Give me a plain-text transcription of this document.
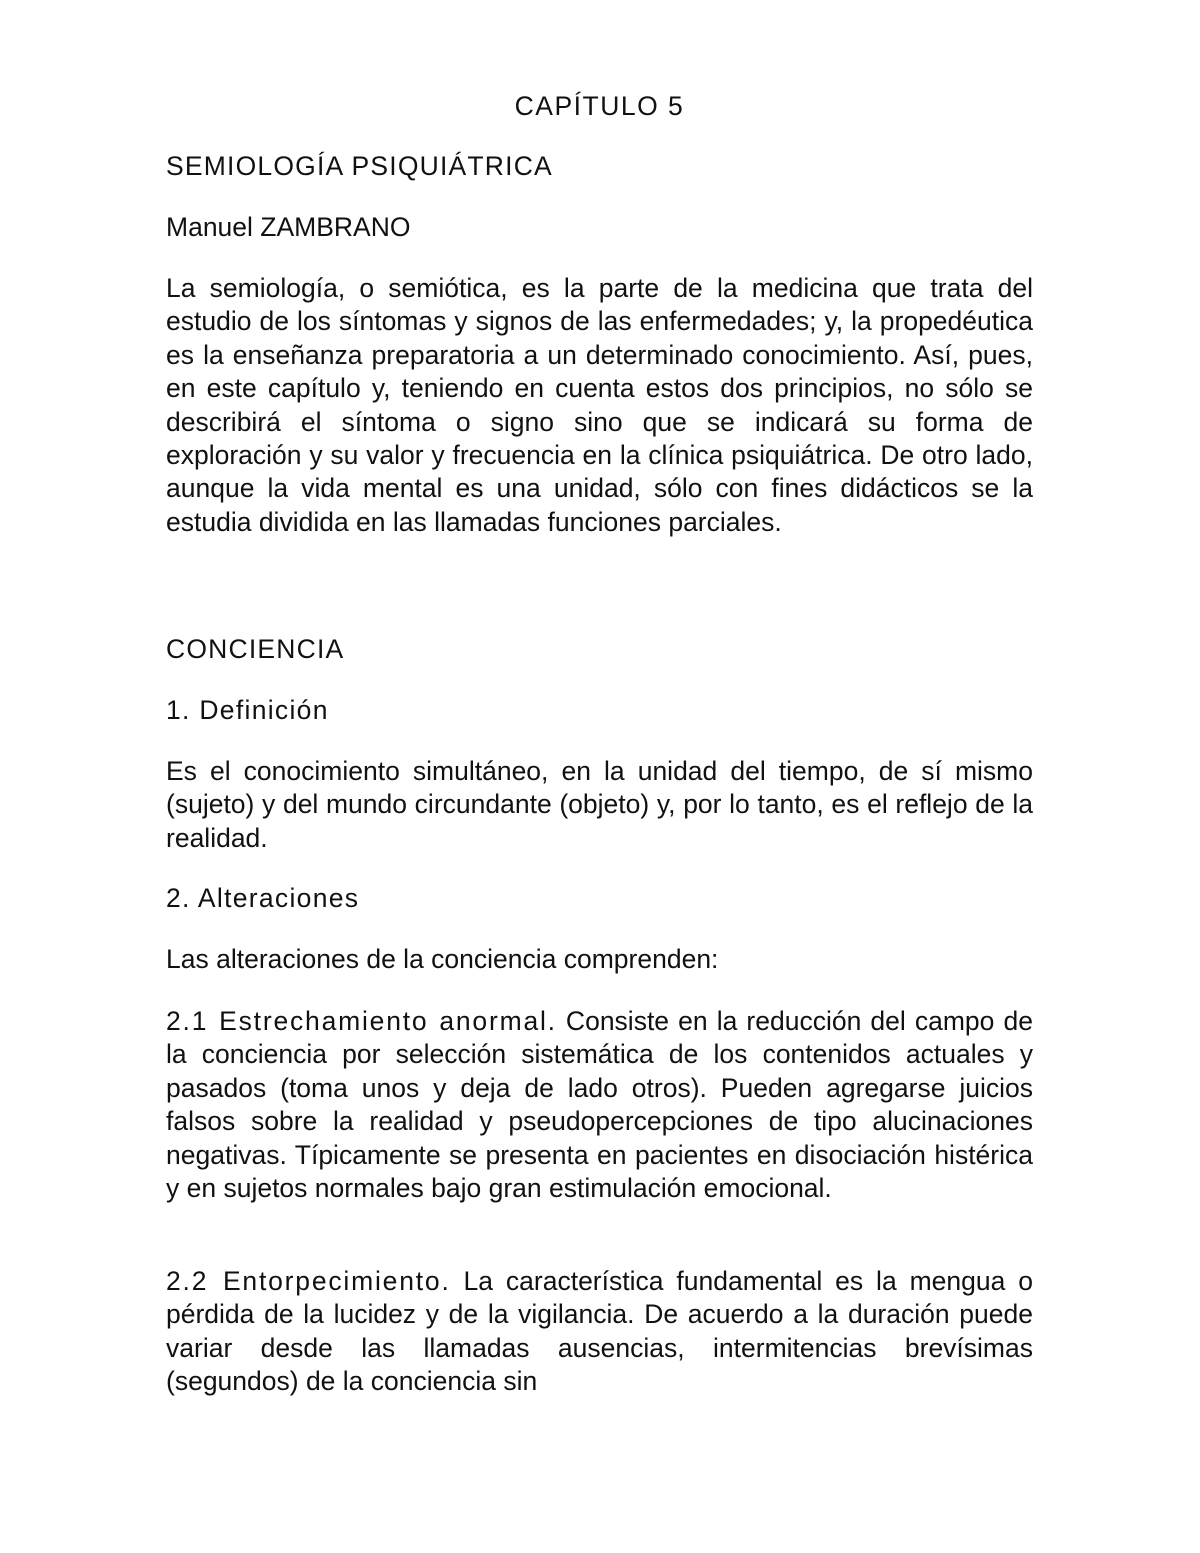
CAPÍTULO 5

SEMIOLOGÍA PSIQUIÁTRICA

Manuel ZAMBRANO

La semiología, o semiótica, es la parte de la medicina que trata del estudio de los síntomas y signos de las enfermedades; y, la propedéutica es la enseñanza preparatoria a un determinado conocimiento. Así, pues, en este capítulo y, teniendo en cuenta estos dos principios, no sólo se describirá el síntoma o signo sino que se indicará su forma de exploración y su valor y frecuencia en la clínica psiquiátrica. De otro lado, aunque la vida mental es una unidad, sólo con fines didácticos se la estudia dividida en las llamadas funciones parciales.

CONCIENCIA

1. Definición

Es el conocimiento simultáneo, en la unidad del tiempo, de sí mismo (sujeto) y del mundo circundante (objeto) y, por lo tanto, es el reflejo de la realidad.

2. Alteraciones

Las alteraciones de la conciencia comprenden:

2.1 Estrechamiento anormal. Consiste en la reducción del campo de la conciencia por selección sistemática de los contenidos actuales y pasados (toma unos y deja de lado otros). Pueden agregarse juicios falsos sobre la realidad y pseudopercepciones de tipo alucinaciones negativas. Típicamente se presenta en pacientes en disociación histérica y en sujetos normales bajo gran estimulación emocional.

2.2 Entorpecimiento. La característica fundamental es la mengua o pérdida de la lucidez y de la vigilancia. De acuerdo a la duración puede variar desde las llamadas ausencias, intermitencias brevísimas (segundos) de la conciencia sin
